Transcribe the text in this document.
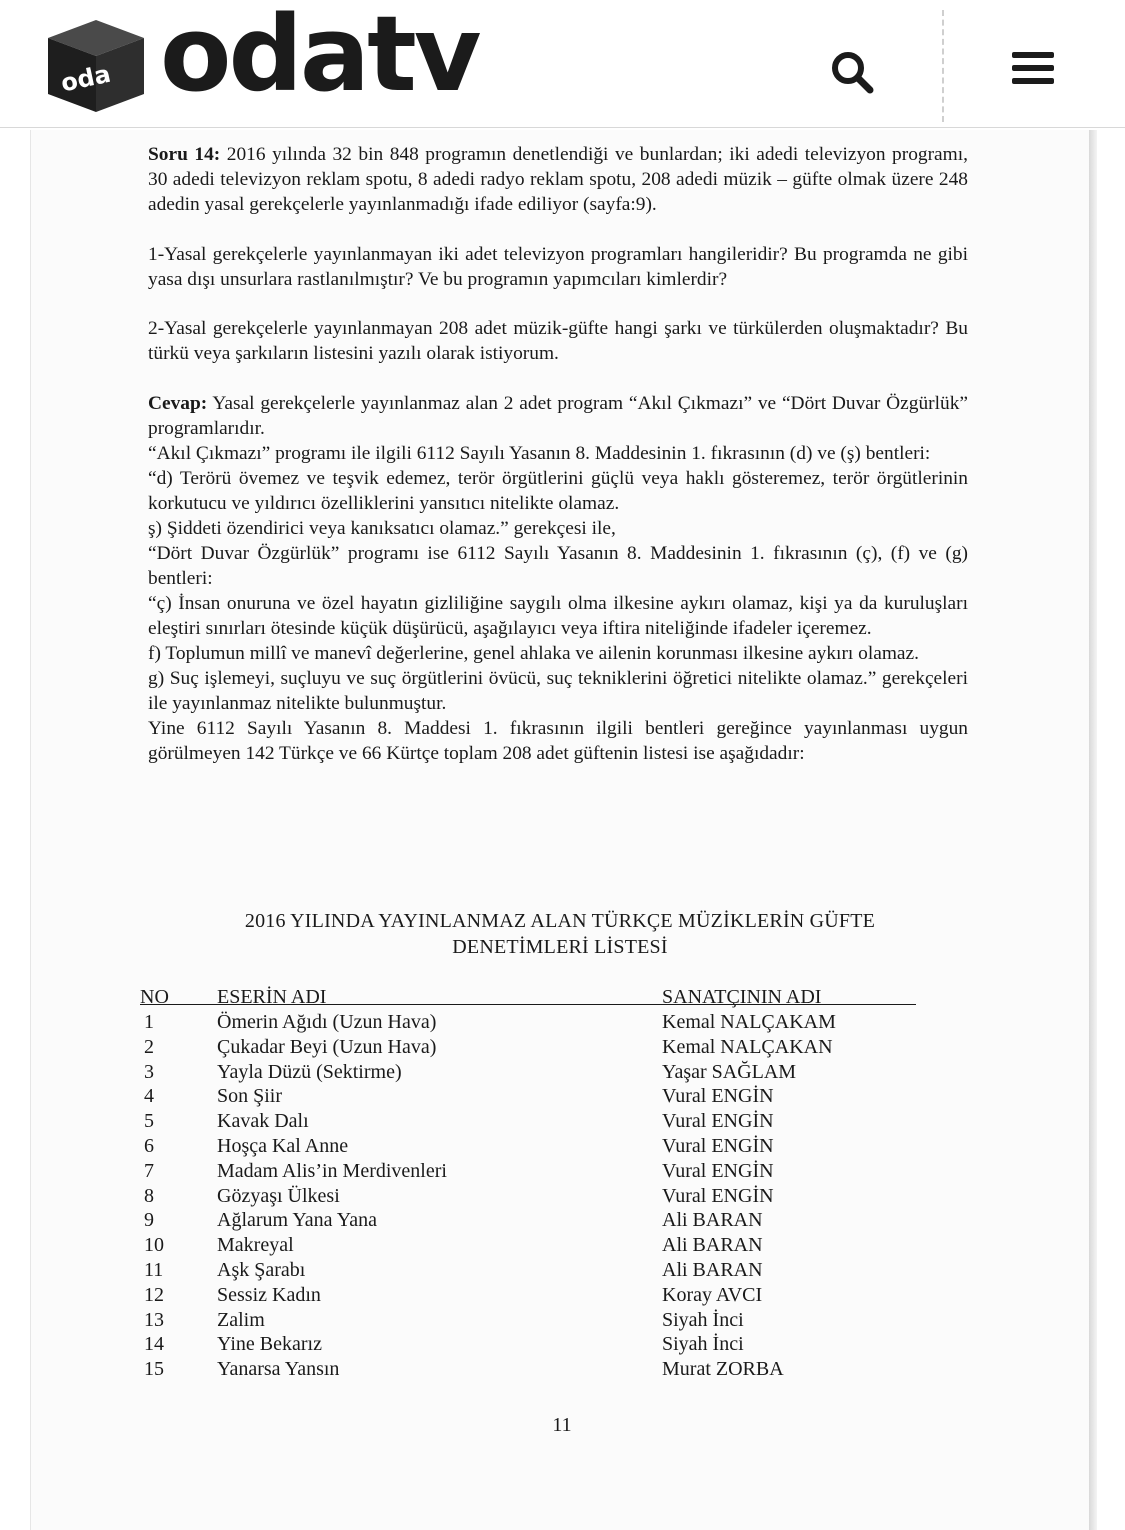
oda odatv

Soru 14: 2016 yılında 32 bin 848 programın denetlendiği ve bunlardan; iki adedi televizyon programı, 30 adedi televizyon reklam spotu, 8 adedi radyo reklam spotu, 208 adedi müzik – güfte olmak üzere 248 adedin yasal gerekçelerle yayınlanmadığı ifade ediliyor (sayfa:9).

1-Yasal gerekçelerle yayınlanmayan iki adet televizyon programları hangileridir? Bu programda ne gibi yasa dışı unsurlara rastlanılmıştır? Ve bu programın yapımcıları kimlerdir?

2-Yasal gerekçelerle yayınlanmayan 208 adet müzik-güfte hangi şarkı ve türkülerden oluşmaktadır? Bu türkü veya şarkıların listesini yazılı olarak istiyorum.

Cevap: Yasal gerekçelerle yayınlanmaz alan 2 adet program “Akıl Çıkmazı” ve “Dört Duvar Özgürlük” programlarıdır.

“Akıl Çıkmazı” programı ile ilgili 6112 Sayılı Yasanın 8. Maddesinin 1. fıkrasının (d) ve (ş) bentleri:

“d) Terörü övemez ve teşvik edemez, terör örgütlerini güçlü veya haklı gösteremez, terör örgütlerinin korkutucu ve yıldırıcı özelliklerini yansıtıcı nitelikte olamaz.

ş) Şiddeti özendirici veya kanıksatıcı olamaz.” gerekçesi ile,

“Dört Duvar Özgürlük” programı ise 6112 Sayılı Yasanın 8. Maddesinin 1. fıkrasının (ç), (f) ve (g) bentleri:

“ç) İnsan onuruna ve özel hayatın gizliliğine saygılı olma ilkesine aykırı olamaz, kişi ya da kuruluşları eleştiri sınırları ötesinde küçük düşürücü, aşağılayıcı veya iftira niteliğinde ifadeler içeremez.

f) Toplumun millî ve manevî değerlerine, genel ahlaka ve ailenin korunması ilkesine aykırı olamaz.

g) Suç işlemeyi, suçluyu ve suç örgütlerini övücü, suç tekniklerini öğretici nitelikte olamaz.” gerekçeleri ile yayınlanmaz nitelikte bulunmuştur.

Yine 6112 Sayılı Yasanın 8. Maddesi 1. fıkrasının ilgili bentleri gereğince yayınlanması uygun görülmeyen 142 Türkçe ve 66 Kürtçe toplam 208 adet güftenin listesi ise aşağıdadır:

2016 YILINDA YAYINLANMAZ ALAN TÜRKÇE MÜZİKLERİN GÜFTE
DENETİMLERİ LİSTESİ
NO ESERİN ADI	SANATÇININ ADI
1	Ömerin Ağıdı (Uzun Hava)	Kemal NALÇAKAM
2	Çukadar Beyi (Uzun Hava)	Kemal NALÇAKAN
3	Yayla Düzü (Sektirme)	Yaşar SAĞLAM
4	Son Şiir	Vural ENGİN
5	Kavak Dalı	Vural ENGİN
6	Hoşça Kal Anne	Vural ENGİN
7	Madam Alis’in Merdivenleri	Vural ENGİN
8	Gözyaşı Ülkesi	Vural ENGİN
9	Ağlarum Yana Yana	Ali BARAN
10	Makreyal	Ali BARAN
11	Aşk Şarabı	Ali BARAN
12	Sessiz Kadın	Koray AVCI
13	Zalim	Siyah İnci
14	Yine Bekarız	Siyah İnci
15	Yanarsa Yansın	Murat ZORBA
11
